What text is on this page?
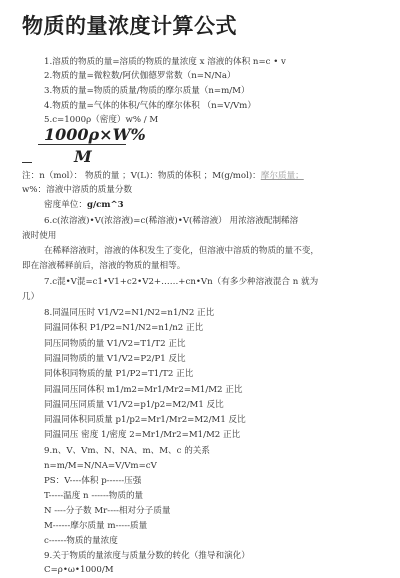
物质的量浓度计算公式
1.溶质的物质的量=溶质的物质的量浓度 x 溶液的体积 n=c • v
2.物质的量=微粒数/阿伏伽德罗常数（n=N/Na）
3.物质的量=物质的质量/物质的摩尔质量（n=m/M）
4.物质的量=气体的体积/气体的摩尔体积 （n=V/Vm）
5.c=1000ρ（密度）w% / M
1000ρ×W%
M
注：n（mol）： 物质的量 ；V(L)：物质的体积 ；M(g/mol)：摩尔质量；
w%：溶液中溶质的质量分数
密度单位：g/cm^3
6.c(浓溶液)•V(浓溶液)=c(稀溶液)•V(稀溶液） 用浓溶液配制稀溶
液时使用
在稀释溶液时，溶液的体积发生了变化，但溶液中溶质的物质的量不变，
即在溶液稀释前后，溶液的物质的量相等。
7.c混•V混=c1•V1+c2•V2+……+cn•Vn（有多少种溶液混合 n 就为
几）
8.同温同压时 V1/V2=N1/N2=n1/N2 正比
同温同体积 P1/P2=N1/N2=n1/n2 正比
同压同物质的量 V1/V2=T1/T2 正比
同温同物质的量 V1/V2=P2/P1 反比
同体积同物质的量 P1/P2=T1/T2 正比
同温同压同体积 m1/m2=Mr1/Mr2=M1/M2 正比
同温同压同质量 V1/V2=p1/p2=M2/M1 反比
同温同体积同质量 p1/p2=Mr1/Mr2=M2/M1 反比
同温同压 密度 1/密度 2=Mr1/Mr2=M1/M2 正比
9.n、V、Vm、N、NA、m、M、c 的关系
n=m/M=N/NA=V/Vm=cV
PS：V----体积 p------压强
T-----温度 n ------物质的量
N ----分子数 Mr----相对分子质量
M------摩尔质量 m-----质量
c------物质的量浓度
9.关于物质的量浓度与质量分数的转化（推导和演化）
C=ρ•ω•1000/M
